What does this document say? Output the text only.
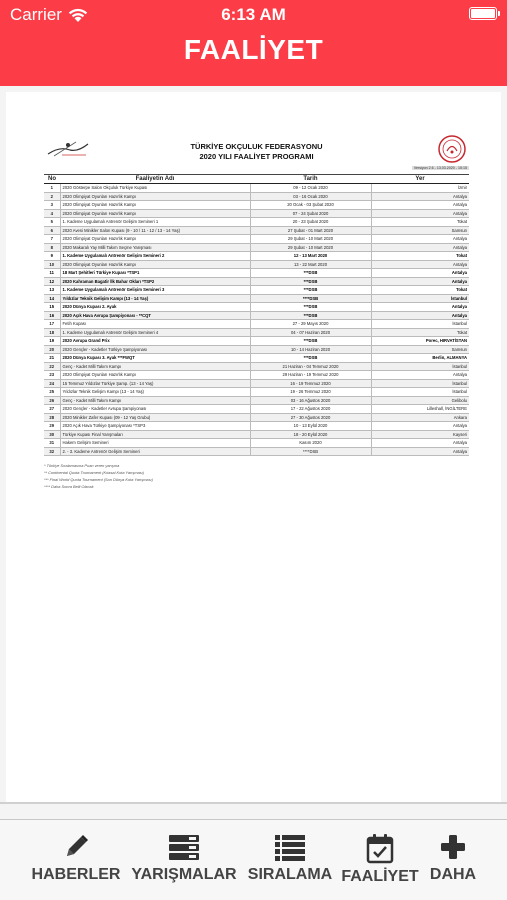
Carrier	6:13 AM
FAALİYET
TÜRKİYE OKÇULUK FEDERASYONU
2020 YILI FAALİYET PROGRAMI
Versiyon 2.6 - 13.03.2020 - 15:15
No	Faaliyetin Adı	Tarih	Yer
1	2020 Gösterpe Salon Okçuluk Türkiye Kupası	09 - 12 Ocak 2020	İzmir
2	2020 Olimpiyat Oyunları Hazırlık Kampı	03 - 16 Ocak 2020	Antalya
3	2020 Olimpiyat Oyunları Hazırlık Kampı	20 Ocak - 03 Şubat 2020	Antalya
4	2020 Olimpiyat Oyunları Hazırlık Kampı	07 - 24 Şubat 2020	Antalya
5	1. Kademe Uygulamalı Antrenör Gelişim Semineri 1	20 - 23 Şubat 2020	Tokat
6	2020 Avesi Minikler Salon Kupası (9 - 10 / 11 - 12 / 13 - 14 Yaş)	27 Şubat - 01 Mart 2020	Samsun
7	2020 Olimpiyat Oyunları Hazırlık Kampı	29 Şubat - 10 Mart 2020	Antalya
8	2020 Makaralı Yay Milli Takım Seçme Yarışması	29 Şubat - 10 Mart 2020	Antalya
9	1. Kademe Uygulamalı Antrenör Gelişim Semineri 2	12 - 13 Mart 2020	Tokat
10	2020 Olimpiyat Oyunları Hazırlık Kampı	13 - 22 Mart 2020	Antalya
11	18 Mart Şehitleri Türkiye Kupası *TSP1	***DSB	Antalya
12	2020 Kahraman Bagatir İlk Bahar Okları *TSP2	***DSB	Antalya
13	1. Kademe Uygulamalı Antrenör Gelişim Semineri 3	***DSB	Tokat
14	Yıldızlar Teknik Gelişim Kampı (13 - 14 Yaş)	****DSB	İstanbul
15	2020 Dünya Kupası 2. Ayak	***DSB	Antalya
16	2020 Açık Hava Avrupa Şampiyonası - **CQT	***DSB	Antalya
17	Fetih Kupası	27 - 29 Mayıs 2020	İstanbul
18	1. Kademe Uygulamalı Antrenör Gelişim Semineri 4	04 - 07 Haziran 2020	Tokat
19	2020 Avrupa Grand Prix	***DSB	Porec, HIRVATİSTAN
20	2020 Gençler - Kadetler Türkiye Şampiyonası	10 - 14 Haziran 2020	Samsun
21	2020 Dünya Kupası 3. Ayak ***FWQT	***DSB	Berlin, ALMANYA
22	Genç - Kadet Milli Takım Kampı	21 Haziran - 04 Temmuz 2020	İstanbul
23	2020 Olimpiyat Oyunları Hazırlık Kampı	29 Haziran - 19 Temmuz 2020	Antalya
24	15 Temmuz Yıldızlar Türkiye Şamp. (13 - 14 Yaş)	16 - 19 Temmuz 2020	İstanbul
25	Yıldızlar Teknik Gelişim Kampı (13 - 14 Yaş)	19 - 26 Temmuz 2020	İstanbul
26	Genç - Kadet Milli Takım Kampı	03 - 16 Ağustos 2020	Gelibolu
27	2020 Gençler - Kadetler Avrupa Şampiyonası	17 - 22 Ağustos 2020	Lilleshall, İNGİLTERE
28	2020 Minikler Zafer Kupası (09 - 12 Yaş Grubu)	27 - 30 Ağustos 2020	Ankara
29	2020 Açık Hava Türkiye Şampiyonası *TSP3	10 - 13 Eylül 2020	Antalya
30	Türkiye Kupası Final Yarışmaları	18 - 20 Eylül 2020	Kayseri
31	Hakem Gelişim Semineri	Kasım 2020	Antalya
32	2. - 3. Kademe Antrenör Gelişim Semineri	****DSB	Antalya
* Türkiye Sıralamasına Puan veren yarışma
** Continental Quota Tournament (Kıtasal Kota Yarışması)
*** Final World Quota Tournament (Son Dünya Kota Yarışması)
**** Daha Sonra Belli Olacak
HABERLER YARIŞMALAR SIRALAMA FAALİYET DAHA
